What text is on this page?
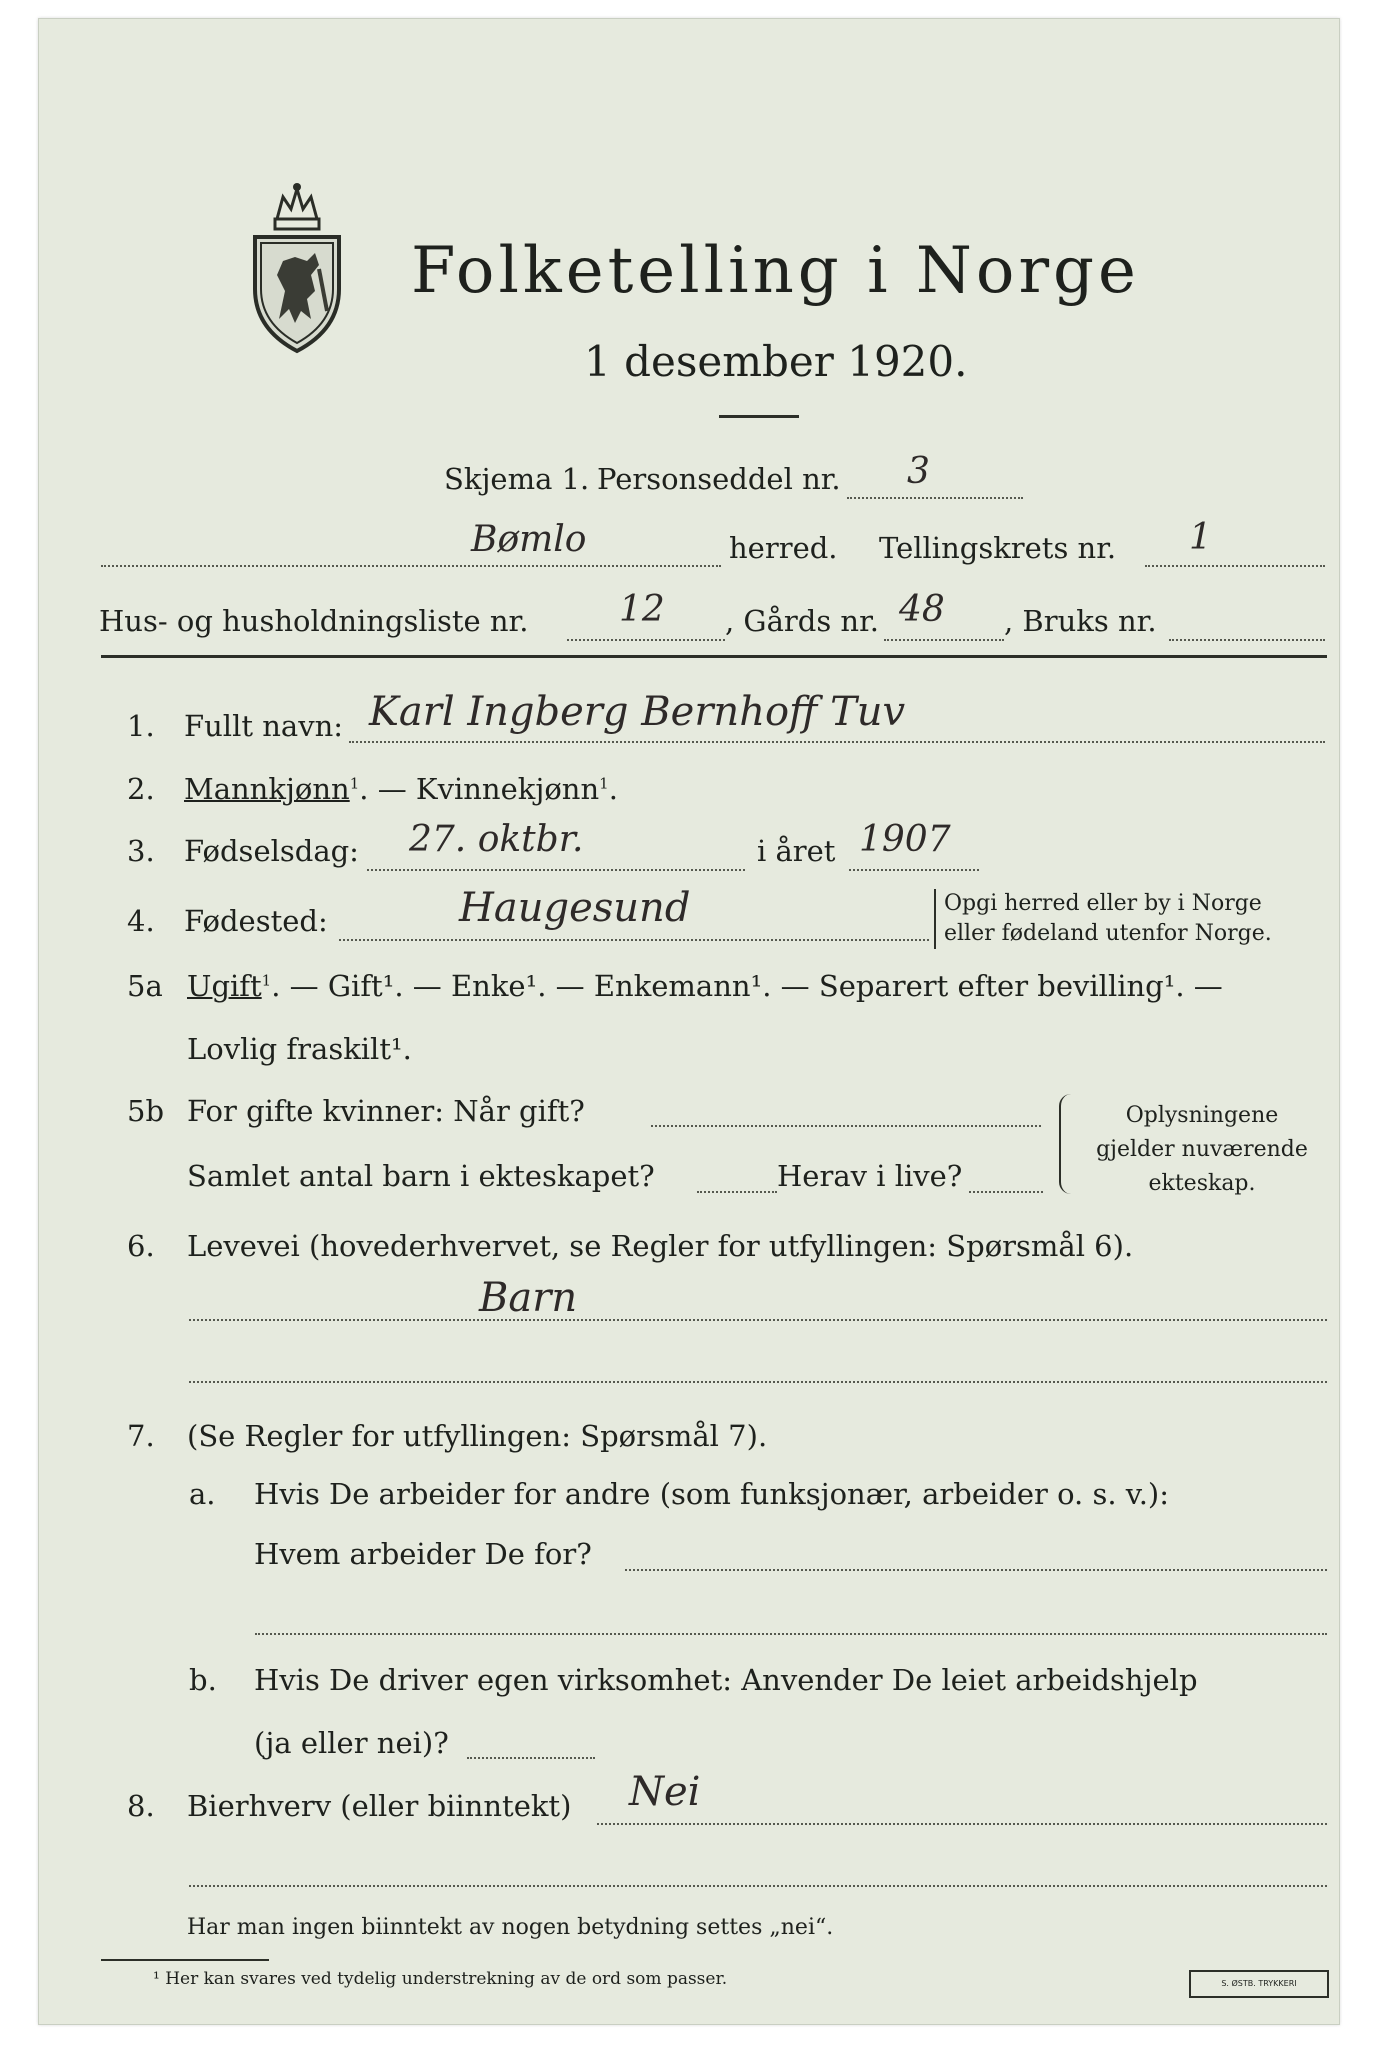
Folketelling i Norge
1 desember 1920.
Skjema 1. Personseddel nr. 3
Bømlo	herred. Tellingskrets nr. 1
Hus- og husholdningsliste nr.	12 , Gårds nr. 48 , Bruks nr.
1. Fullt navn: Karl Ingberg Bernhoff Tuv
2. Mannkjønn$^1$. — Kvinnekjønn$^1$.
3. Fødselsdag: 27. oktbr.	i året 1907
4. Fødested:	Haugesund	Opgi herred eller by i Norge
eller fødeland utenfor Norge.
5a Ugift$^1$. — Gift¹. — Enke¹. — Enkemann¹. — Separert efter bevilling¹. —
Lovlig fraskilt¹.
5b For gifte kvinner: Når gift?
Samlet antal barn i ekteskapet?	Herav i live?
Oplysningene
gjelder nuværende
ekteskap.
6. Levevei (hovederhvervet, se Regler for utfyllingen: Spørsmål 6).
Barn
7. (Se Regler for utfyllingen: Spørsmål 7).
a. Hvis De arbeider for andre (som funksjonær, arbeider o. s. v.):
Hvem arbeider De for?
b. Hvis De driver egen virksomhet: Anvender De leiet arbeidshjelp
(ja eller nei)?
8. Bierhverv (eller biinntekt) Nei
Har man ingen biinntekt av nogen betydning settes „nei“.
¹ Her kan svares ved tydelig understrekning av de ord som passer.	S. ØSTB. TRYKKERI
